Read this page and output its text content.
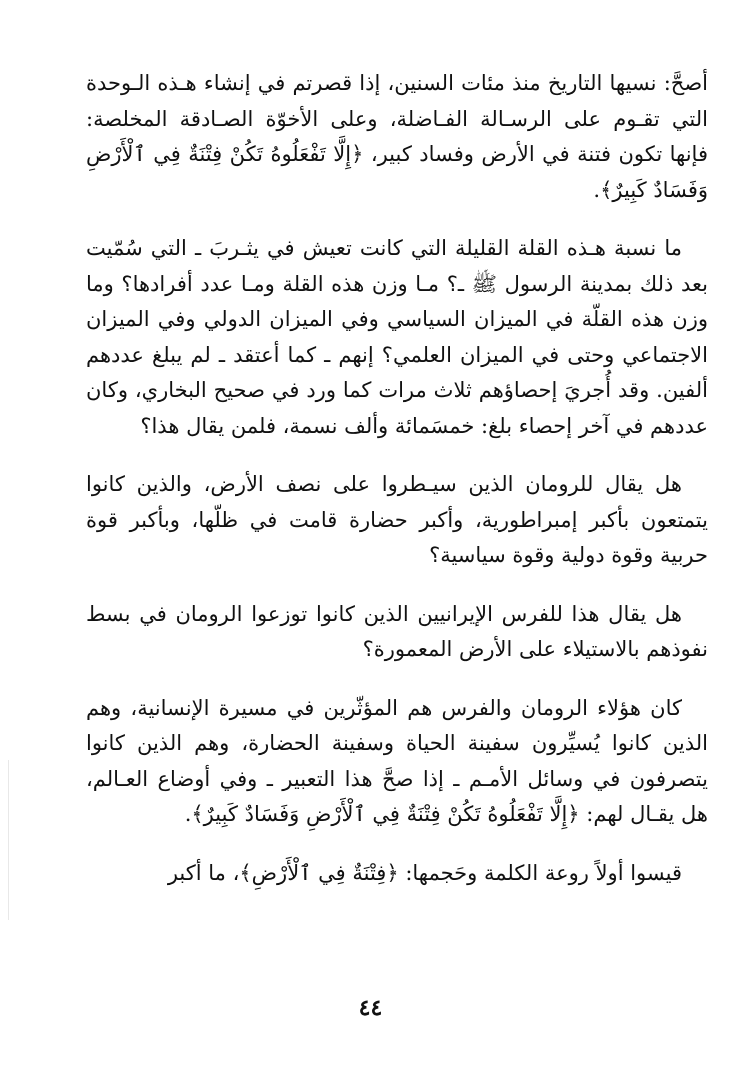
أصحَّ: نسيها التاريخ منذ مئات السنين، إذا قصرتم في إنشاء هـذه الـوحدة التي تقـوم على الرسـالة الفـاضلة، وعلى الأخوّة الصـادقة المخلصة: فإنها تكون فتنة في الأرض وفساد كبير، ﴿إِلَّا تَفْعَلُوهُ تَكُنْ فِتْنَةٌ فِي ٱلْأَرْضِ وَفَسَادٌ كَبِيرٌ﴾.

ما نسبة هـذه القلة القليلة التي كانت تعيش في يثـربَ ـ التي سُمّيت بعد ذلك بمدينة الرسول ﷺ ـ؟ مـا وزن هذه القلة ومـا عدد أفرادها؟ وما وزن هذه القلّة في الميزان السياسي وفي الميزان الدولي وفي الميزان الاجتماعي وحتى في الميزان العلمي؟ إنهم ـ كما أعتقد ـ لم يبلغ عددهم ألفين. وقد أُجريَ إحصاؤهم ثلاث مرات كما ورد في صحيح البخاري، وكان عددهم في آخر إحصاء بلغ: خمسَمائة وألف نسمة، فلمن يقال هذا؟

هل يقال للرومان الذين سيـطروا على نصف الأرض، والذين كانوا يتمتعون بأكبر إمبراطورية، وأكبر حضارة قامت في ظلّها، وبأكبر قوة حربية وقوة دولية وقوة سياسية؟

هل يقال هذا للفرس الإيرانيين الذين كانوا توزعوا الرومان في بسط نفوذهم بالاستيلاء على الأرض المعمورة؟

كان هؤلاء الرومان والفرس هم المؤثّرين في مسيرة الإنسانية، وهم الذين كانوا يُسيِّرون سفينة الحياة وسفينة الحضارة، وهم الذين كانوا يتصرفون في وسائل الأمـم ـ إذا صحَّ هذا التعبير ـ وفي أوضاع العـالم، هل يقـال لهم: ﴿إِلَّا تَفْعَلُوهُ تَكُنْ فِتْنَةٌ فِي ٱلْأَرْضِ وَفَسَادٌ كَبِيرٌ﴾.

قيسوا أولاً روعة الكلمة وحَجمها: ﴿فِتْنَةٌ فِي ٱلْأَرْضِ﴾، ما أكبر

٤٤
